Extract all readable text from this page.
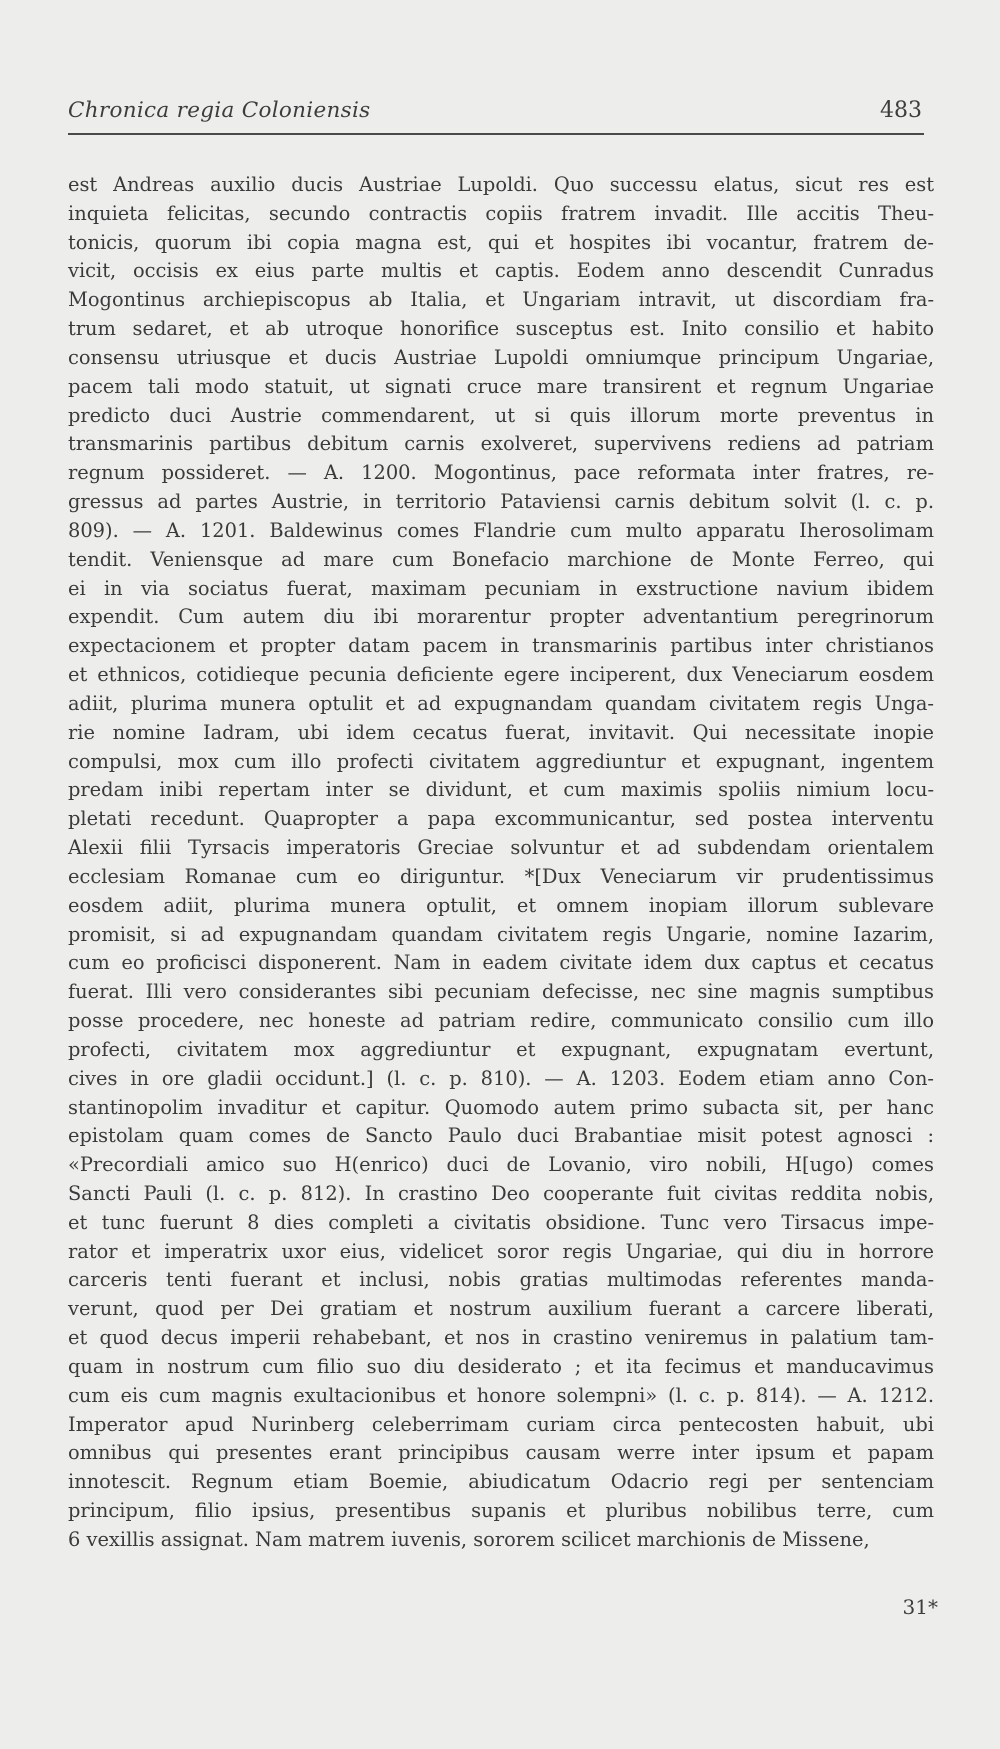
Chronica regia Coloniensis	483
est Andreas auxilio ducis Austriae Lupoldi. Quo successu elatus, sicut res est
inquieta felicitas, secundo contractis copiis fratrem invadit. Ille accitis Theu-
tonicis, quorum ibi copia magna est, qui et hospites ibi vocantur, fratrem de-
vicit, occisis ex eius parte multis et captis. Eodem anno descendit Cunradus
Mogontinus archiepiscopus ab Italia, et Ungariam intravit, ut discordiam fra-
trum sedaret, et ab utroque honorifice susceptus est. Inito consilio et habito
consensu utriusque et ducis Austriae Lupoldi omniumque principum Ungariae,
pacem tali modo statuit, ut signati cruce mare transirent et regnum Ungariae
predicto duci Austrie commendarent, ut si quis illorum morte preventus in
transmarinis partibus debitum carnis exolveret, supervivens rediens ad patriam
regnum possideret. — A. 1200. Mogontinus, pace reformata inter fratres, re-
gressus ad partes Austrie, in territorio Pataviensi carnis debitum solvit (l. c. p.
809). — A. 1201. Baldewinus comes Flandrie cum multo apparatu Iherosolimam
tendit. Veniensque ad mare cum Bonefacio marchione de Monte Ferreo, qui
ei in via sociatus fuerat, maximam pecuniam in exstructione navium ibidem
expendit. Cum autem diu ibi morarentur propter adventantium peregrinorum
expectacionem et propter datam pacem in transmarinis partibus inter christianos
et ethnicos, cotidieque pecunia deficiente egere inciperent, dux Veneciarum eosdem
adiit, plurima munera optulit et ad expugnandam quandam civitatem regis Unga-
rie nomine Iadram, ubi idem cecatus fuerat, invitavit. Qui necessitate inopie
compulsi, mox cum illo profecti civitatem aggrediuntur et expugnant, ingentem
predam inibi repertam inter se dividunt, et cum maximis spoliis nimium locu-
pletati recedunt. Quapropter a papa excommunicantur, sed postea interventu
Alexii filii Tyrsacis imperatoris Greciae solvuntur et ad subdendam orientalem
ecclesiam Romanae cum eo diriguntur. *[Dux Veneciarum vir prudentissimus
eosdem adiit, plurima munera optulit, et omnem inopiam illorum sublevare
promisit, si ad expugnandam quandam civitatem regis Ungarie, nomine Iazarim,
cum eo proficisci disponerent. Nam in eadem civitate idem dux captus et cecatus
fuerat. Illi vero considerantes sibi pecuniam defecisse, nec sine magnis sumptibus
posse procedere, nec honeste ad patriam redire, communicato consilio cum illo
profecti, civitatem mox aggrediuntur et expugnant, expugnatam evertunt,
cives in ore gladii occidunt.] (l. c. p. 810). — A. 1203. Eodem etiam anno Con-
stantinopolim invaditur et capitur. Quomodo autem primo subacta sit, per hanc
epistolam quam comes de Sancto Paulo duci Brabantiae misit potest agnosci :
«Precordiali amico suo H(enrico) duci de Lovanio, viro nobili, H[ugo) comes
Sancti Pauli (l. c. p. 812). In crastino Deo cooperante fuit civitas reddita nobis,
et tunc fuerunt 8 dies completi a civitatis obsidione. Tunc vero Tirsacus impe-
rator et imperatrix uxor eius, videlicet soror regis Ungariae, qui diu in horrore
carceris tenti fuerant et inclusi, nobis gratias multimodas referentes manda-
verunt, quod per Dei gratiam et nostrum auxilium fuerant a carcere liberati,
et quod decus imperii rehabebant, et nos in crastino veniremus in palatium tam-
quam in nostrum cum filio suo diu desiderato ; et ita fecimus et manducavimus
cum eis cum magnis exultacionibus et honore solempni» (l. c. p. 814). — A. 1212.
Imperator apud Nurinberg celeberrimam curiam circa pentecosten habuit, ubi
omnibus qui presentes erant principibus causam werre inter ipsum et papam
innotescit. Regnum etiam Boemie, abiudicatum Odacrio regi per sentenciam
principum, filio ipsius, presentibus supanis et pluribus nobilibus terre, cum
6 vexillis assignat. Nam matrem iuvenis, sororem scilicet marchionis de Missene,
31*
